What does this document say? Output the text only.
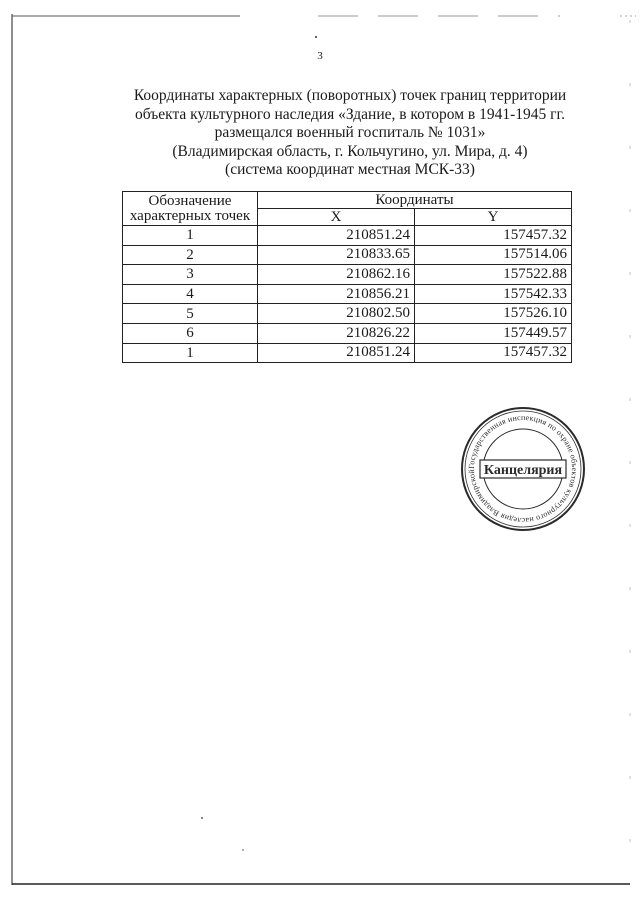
3
Координаты характерных (поворотных) точек границ территории
объекта культурного наследия «Здание, в котором в 1941-1945 гг.
размещался военный госпиталь № 1031»
(Владимирская область, г. Кольчугино, ул. Мира, д. 4)
(система координат местная МСК-33)
Обозначение характерных точек	Координаты	
	X	Y
1	210851.24	157457.32
2	210833.65	157514.06
3	210862.16	157522.88
4	210856.21	157542.33
5	210802.50	157526.10
6	210826.22	157449.57
1	210851.24	157457.32
Государственная инспекция по охране объектов культурного наследия Владимирской Канцелярия
